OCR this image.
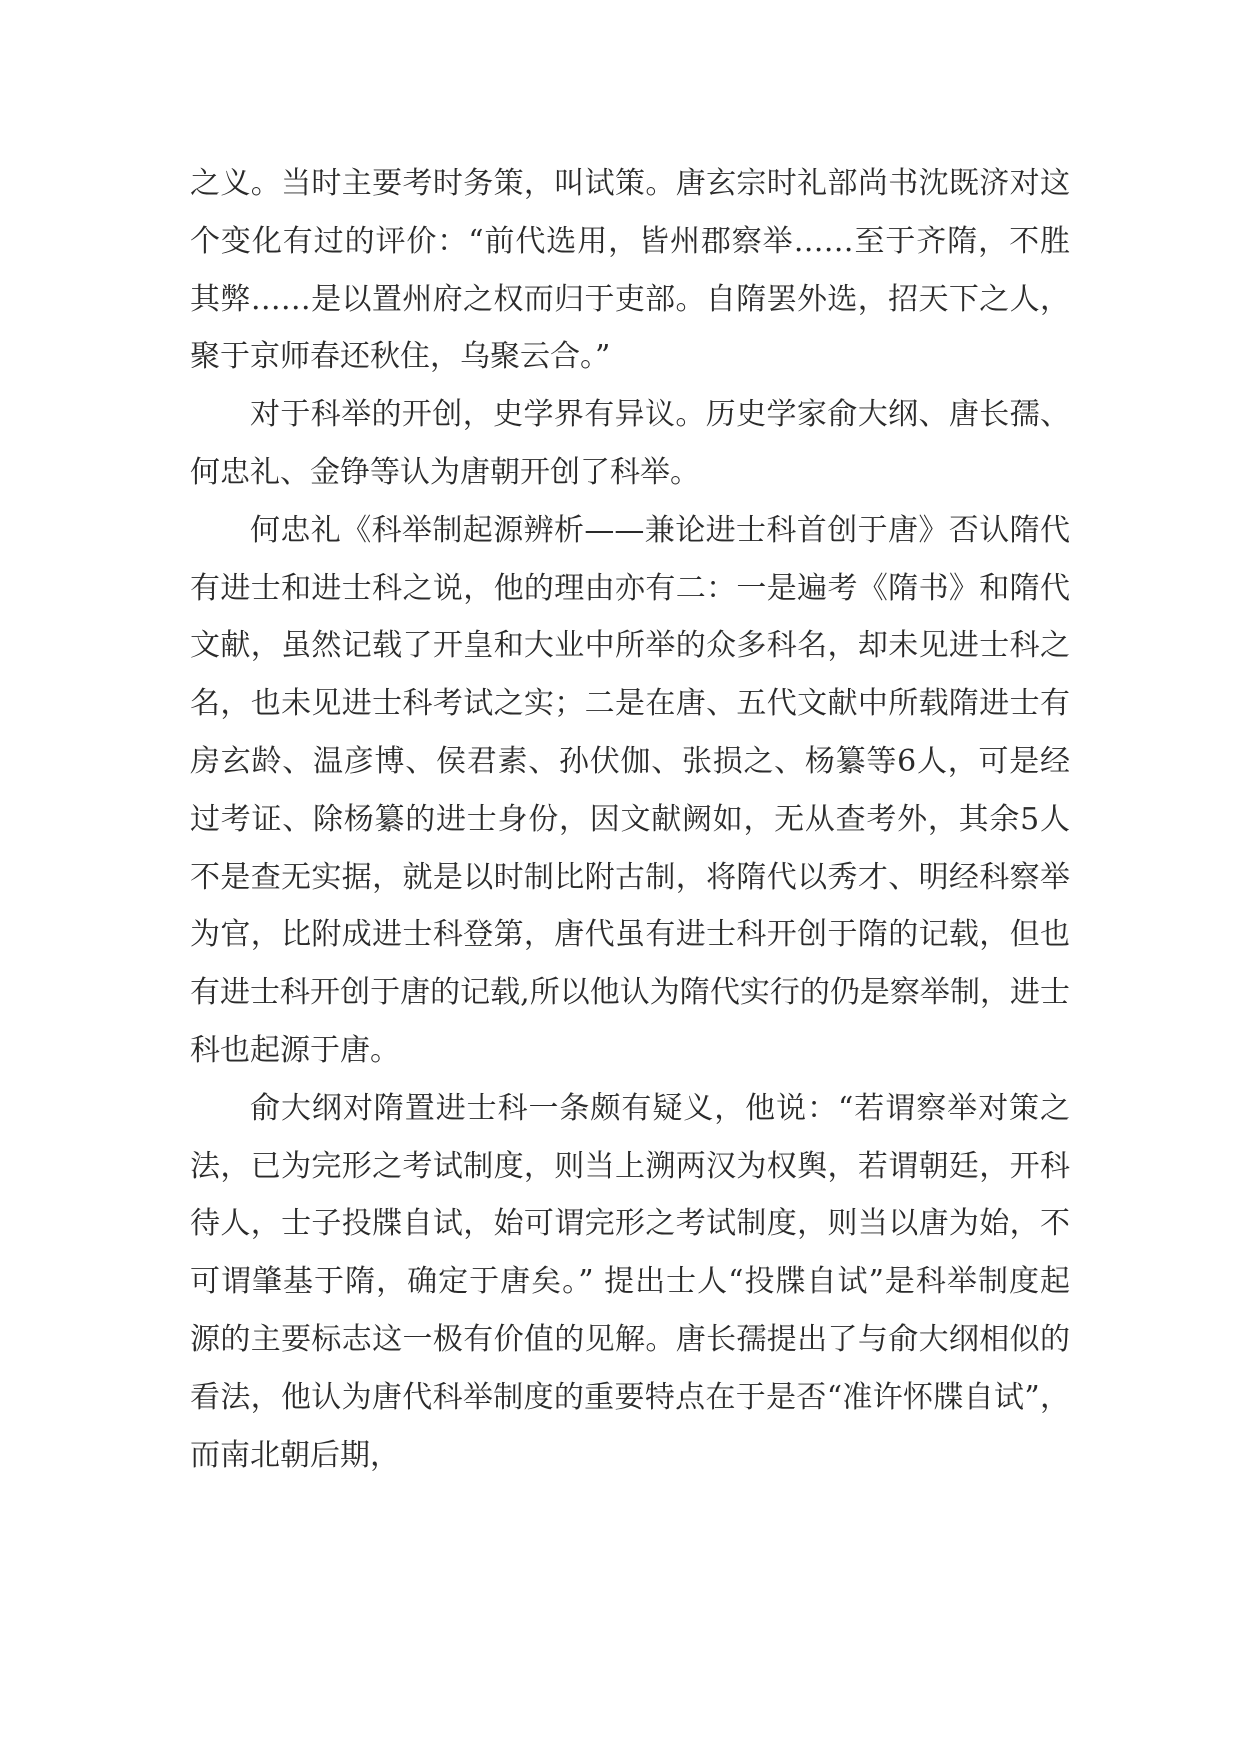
之义。当时主要考时务策，叫试策。唐玄宗时礼部尚书沈既济对这个变化有过的评价：“前代选用，皆州郡察举……至于齐隋，不胜其弊……是以置州府之权而归于吏部。自隋罢外选，招天下之人，聚于京师春还秋住，乌聚云合。”

对于科举的开创，史学界有异议。历史学家俞大纲、唐长孺、何忠礼、金铮等认为唐朝开创了科举。

何忠礼《科举制起源辨析——兼论进士科首创于唐》否认隋代有进士和进士科之说，他的理由亦有二：一是遍考《隋书》和隋代文献，虽然记载了开皇和大业中所举的众多科名，却未见进士科之名，也未见进士科考试之实；二是在唐、五代文献中所载隋进士有房玄龄、温彦博、侯君素、孙伏伽、张损之、杨纂等6人，可是经过考证、除杨纂的进士身份，因文献阙如，无从查考外，其余5人不是查无实据，就是以时制比附古制，将隋代以秀才、明经科察举为官，比附成进士科登第，唐代虽有进士科开创于隋的记载，但也有进士科开创于唐的记载,所以他认为隋代实行的仍是察举制，进士科也起源于唐。

俞大纲对隋置进士科一条颇有疑义，他说：“若谓察举对策之法，已为完形之考试制度，则当上溯两汉为权舆，若谓朝廷，开科待人，士子投牒自试，始可谓完形之考试制度，则当以唐为始，不可谓肇基于隋，确定于唐矣。” 提出士人“投牒自试”是科举制度起源的主要标志这一极有价值的见解。唐长孺提出了与俞大纲相似的看法，他认为唐代科举制度的重要特点在于是否“准许怀牒自试”，而南北朝后期，
